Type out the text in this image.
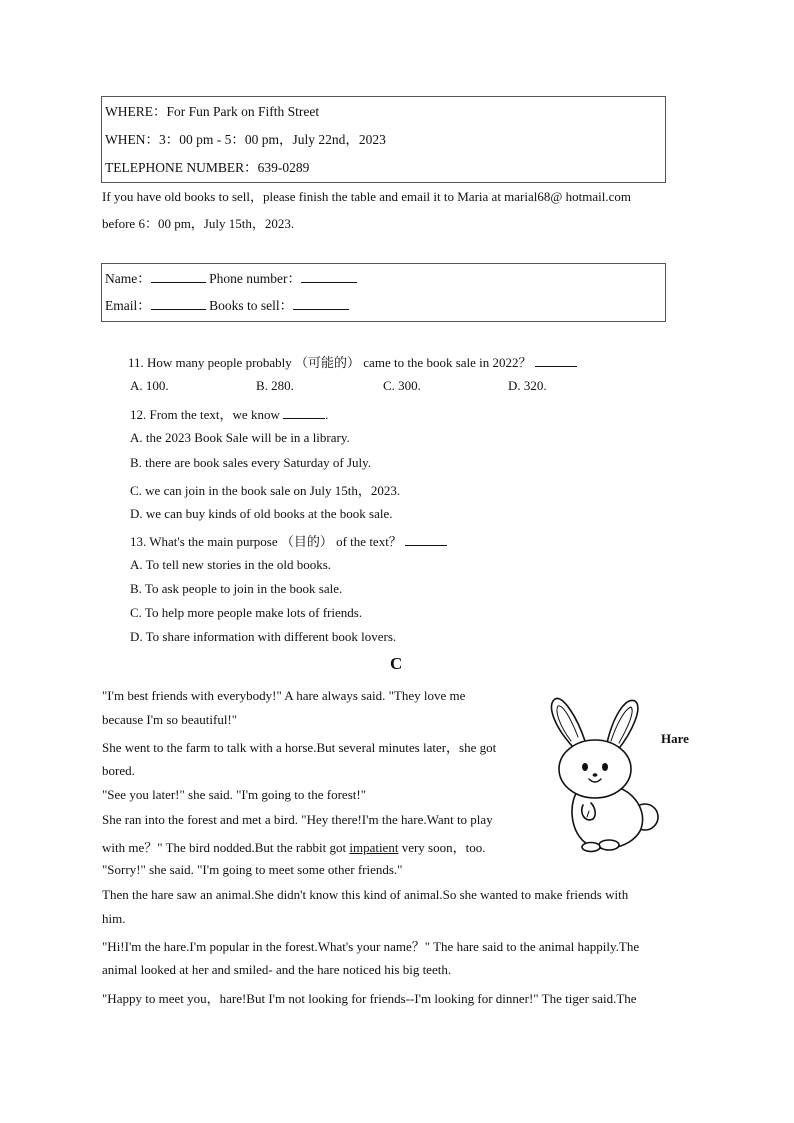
WHERE：For Fun Park on Fifth Street
WHEN：3：00 pm - 5：00 pm，July 22nd，2023
TELEPHONE NUMBER：639-0289
If you have old books to sell，please finish the table and email it to Maria at marial68@ hotmail.com
before 6：00 pm，July 15th，2023.
Name：	Phone number：
Email：	Books to sell：
11. How many people probably （可能的） came to the book sale in 2022？
A. 100.	B. 280.	C. 300.	D. 320.
12. From the text，we know	.
A. the 2023 Book Sale will be in a library.
B. there are book sales every Saturday of July.
C. we can join in the book sale on July 15th，2023.
D. we can buy kinds of old books at the book sale.
13. What's the main purpose （目的） of the text？
A. To tell new stories in the old books.
B. To ask people to join in the book sale.
C. To help more people make lots of friends.
D. To share information with different book lovers.
C
"I'm best friends with everybody!" A hare always said. "They love me
because I'm so beautiful!"
She went to the farm to talk with a horse.But several minutes later，she got
bored.
"See you later!" she said. "I'm going to the forest!"
She ran into the forest and met a bird. "Hey there!I'm the hare.Want to play
with me？" The bird nodded.But the rabbit got impatient very soon，too.
"Sorry!" she said. "I'm going to meet some other friends."
Then the hare saw an animal.She didn't know this kind of animal.So she wanted to make friends with
him.
"Hi!I'm the hare.I'm popular in the forest.What's your name？" The hare said to the animal happily.The
animal looked at her and smiled- and the hare noticed his big teeth.
"Happy to meet you，hare!But I'm not looking for friends--I'm looking for dinner!" The tiger said.The
Hare
